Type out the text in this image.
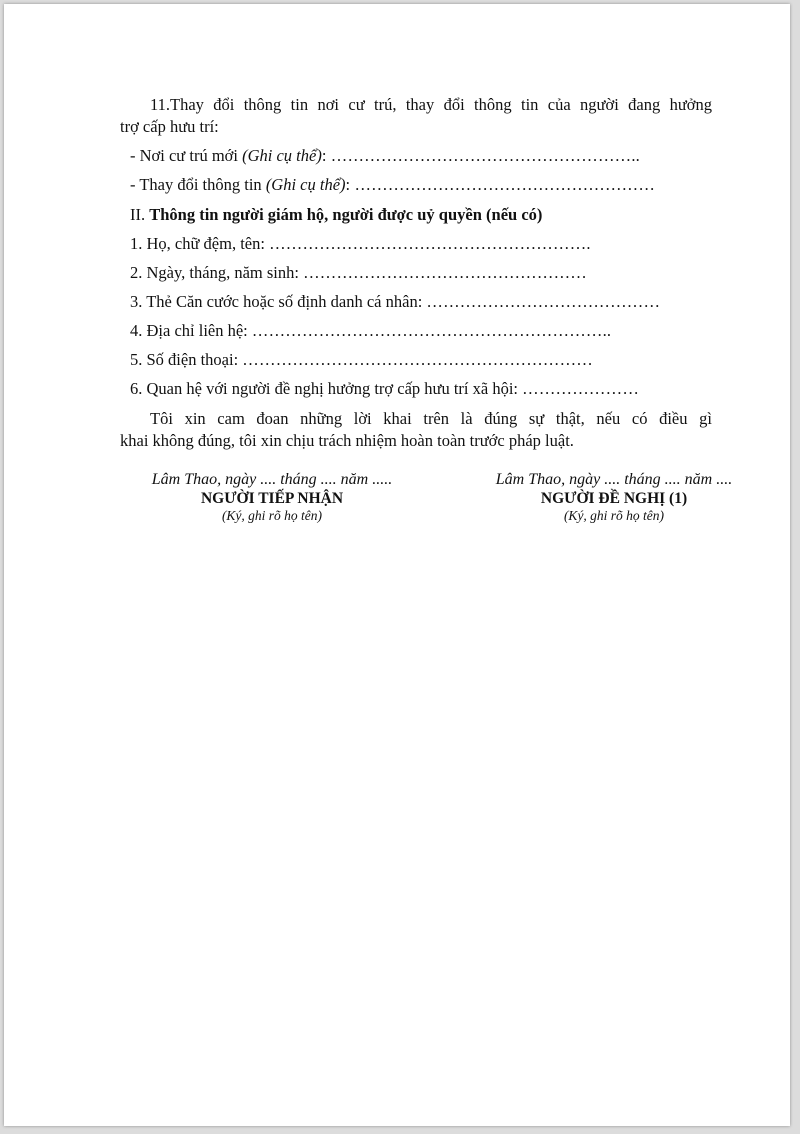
11.Thay đổi thông tin nơi cư trú, thay đổi thông tin của người đang hưởng
trợ cấp hưu trí:
- Nơi cư trú mới (Ghi cụ thể): ………………………………………………..
- Thay đổi thông tin (Ghi cụ thể): ………………………………………………
II. Thông tin người giám hộ, người được uỷ quyền (nếu có)
1. Họ, chữ đệm, tên: ………………………………………………….
2. Ngày, tháng, năm sinh: ……………………………………………
3. Thẻ Căn cước hoặc số định danh cá nhân: ……………………………………
4. Địa chỉ liên hệ: ………………………………………………………..
5. Số điện thoại: ………………………………………………………
6. Quan hệ với người đề nghị hưởng trợ cấp hưu trí xã hội: …………………
Tôi xin cam đoan những lời khai trên là đúng sự thật, nếu có điều gì
khai không đúng, tôi xin chịu trách nhiệm hoàn toàn trước pháp luật.
Lâm Thao, ngày .... tháng .... năm .....
NGƯỜI TIẾP NHẬN
(Ký, ghi rõ họ tên)
Lâm Thao, ngày .... tháng .... năm ....
NGƯỜI ĐỀ NGHỊ (1)
(Ký, ghi rõ họ tên)
